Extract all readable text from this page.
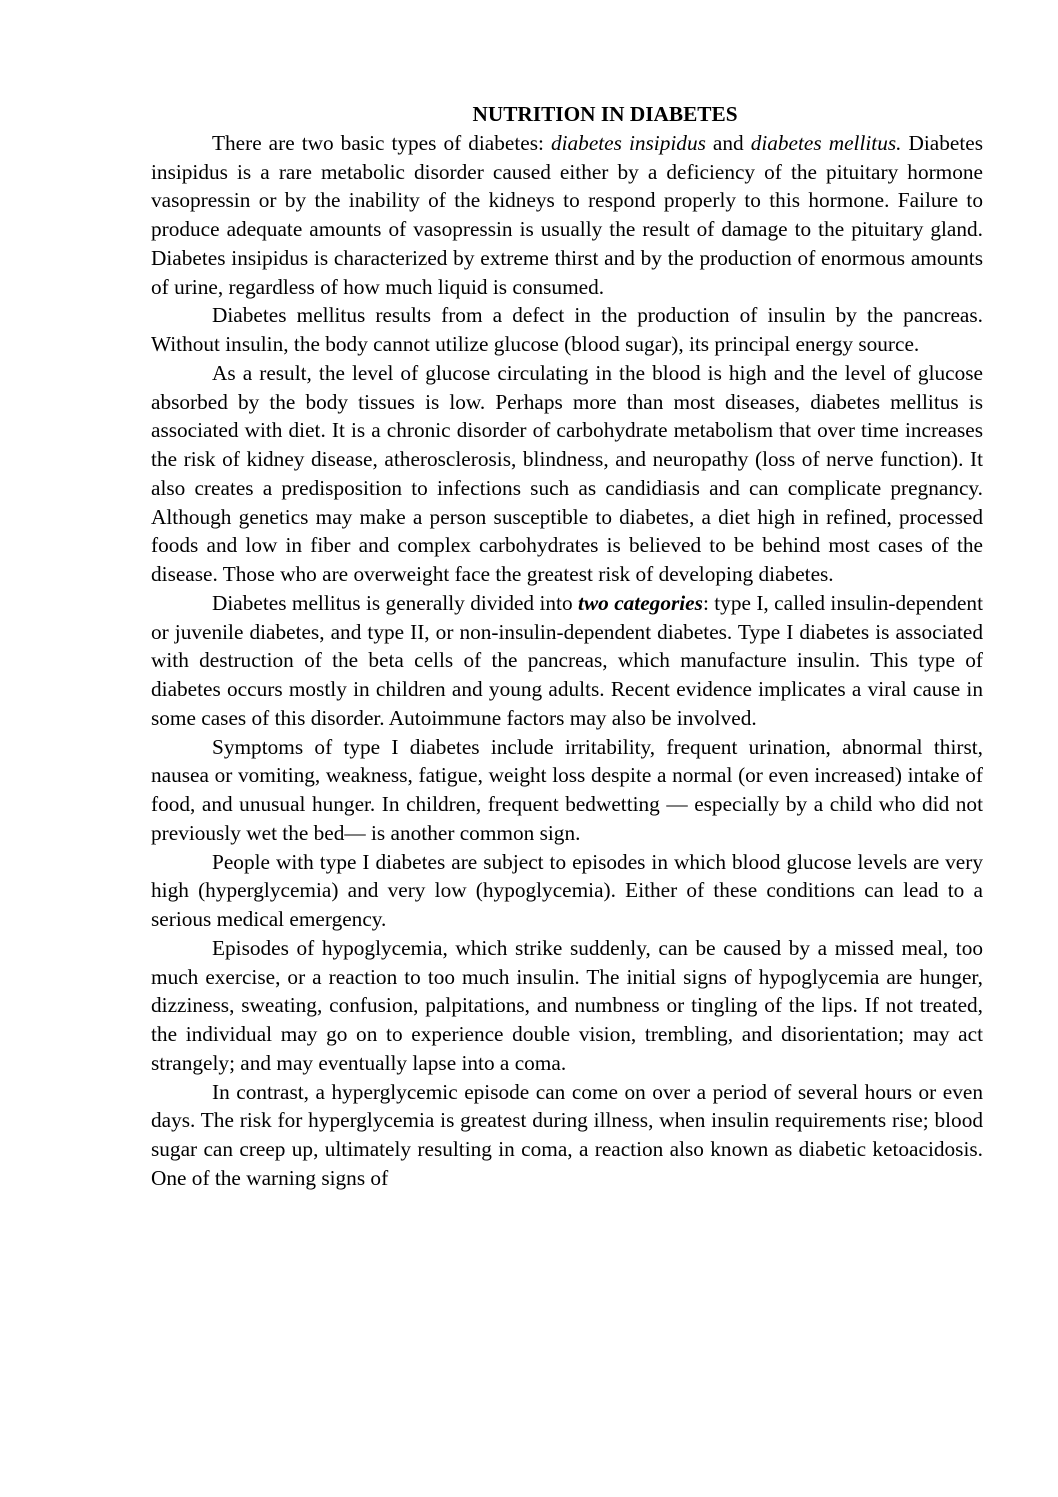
NUTRITION IN DIABETES

There are two basic types of diabetes: diabetes insipidus and diabetes mellitus. Diabetes insipidus is a rare metabolic disorder caused either by a deficiency of the pituitary hormone vasopressin or by the inability of the kidneys to respond properly to this hormone. Failure to produce adequate amounts of vasopressin is usually the result of damage to the pituitary gland. Diabetes insipidus is characterized by extreme thirst and by the production of enormous amounts of urine, regardless of how much liquid is consumed.

Diabetes mellitus results from a defect in the production of insulin by the pancreas. Without insulin, the body cannot utilize glucose (blood sugar), its principal energy source.

As a result, the level of glucose circulating in the blood is high and the level of glucose absorbed by the body tissues is low. Perhaps more than most diseases, diabetes mellitus is associated with diet. It is a chronic disorder of carbohydrate metabolism that over time increases the risk of kidney disease, atherosclerosis, blindness, and neuropathy (loss of nerve function). It also creates a predisposition to infections such as candidiasis and can complicate pregnancy. Although genetics may make a person susceptible to diabetes, a diet high in refined, processed foods and low in fiber and complex carbohydrates is believed to be behind most cases of the disease. Those who are overweight face the greatest risk of developing diabetes.

Diabetes mellitus is generally divided into two categories: type I, called insulin-dependent or juvenile diabetes, and type II, or non-insulin-dependent diabetes. Type I diabetes is associated with destruction of the beta cells of the pancreas, which manufacture insulin. This type of diabetes occurs mostly in children and young adults. Recent evidence implicates a viral cause in some cases of this disorder. Autoimmune factors may also be involved.

Symptoms of type I diabetes include irritability, frequent urination, abnormal thirst, nausea or vomiting, weakness, fatigue, weight loss despite a normal (or even increased) intake of food, and unusual hunger. In children, frequent bedwetting — especially by a child who did not previously wet the bed— is another common sign.

People with type I diabetes are subject to episodes in which blood glucose levels are very high (hyperglycemia) and very low (hypoglycemia). Either of these conditions can lead to a serious medical emergency.

Episodes of hypoglycemia, which strike suddenly, can be caused by a missed meal, too much exercise, or a reaction to too much insulin. The initial signs of hypoglycemia are hunger, dizziness, sweating, confusion, palpitations, and numbness or tingling of the lips. If not treated, the individual may go on to experience double vision, trembling, and disorientation; may act strangely; and may eventually lapse into a coma.

In contrast, a hyperglycemic episode can come on over a period of several hours or even days. The risk for hyperglycemia is greatest during illness, when insulin requirements rise; blood sugar can creep up, ultimately resulting in coma, a reaction also known as diabetic ketoacidosis. One of the warning signs of
